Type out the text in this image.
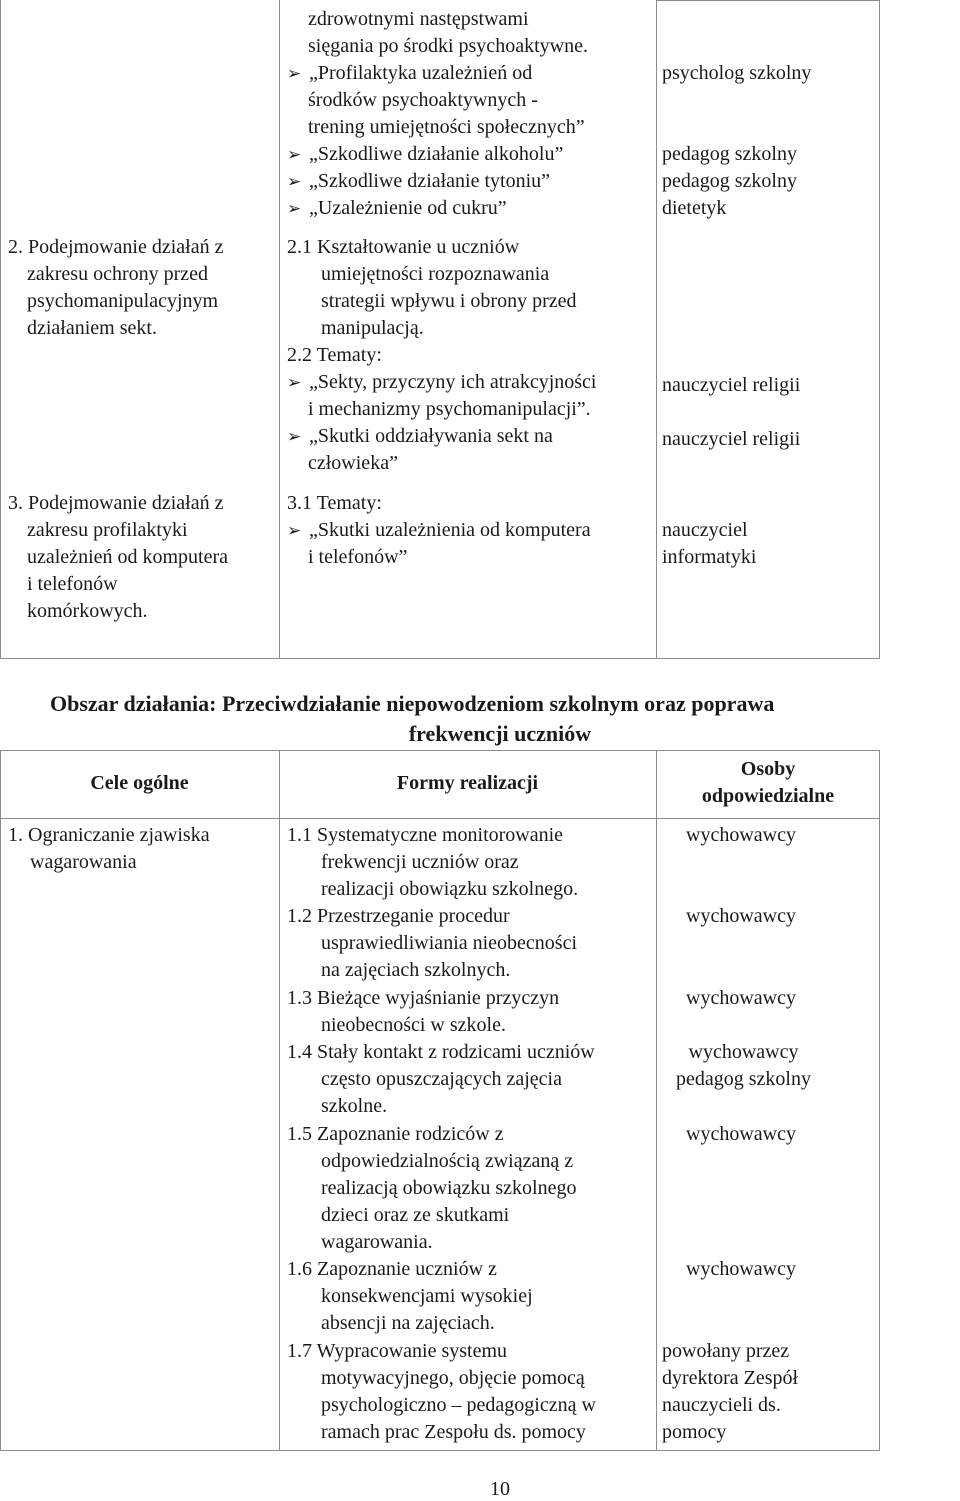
2. Podejmowanie działań z
zakresu ochrony przed
psychomanipulacyjnym
działaniem sekt.
3. Podejmowanie działań z
zakresu profilaktyki
uzależnień od komputera
i telefonów
komórkowych.
zdrowotnymi następstwami
sięgania po środki psychoaktywne.
➢ „Profilaktyka uzależnień od
środków psychoaktywnych -
trening umiejętności społecznych”
➢ „Szkodliwe działanie alkoholu”
➢ „Szkodliwe działanie tytoniu”
➢ „Uzależnienie od cukru”
2.1 Kształtowanie u uczniów
umiejętności rozpoznawania
strategii wpływu i obrony przed
manipulacją.
2.2 Tematy:
➢ „Sekty, przyczyny ich atrakcyjności
i mechanizmy psychomanipulacji”.
➢ „Skutki oddziaływania sekt na
człowieka”
3.1 Tematy:
➢ „Skutki uzależnienia od komputera
i telefonów”
psycholog szkolny
pedagog szkolny
pedagog szkolny
dietetyk
nauczyciel religii
nauczyciel religii
nauczyciel
informatyki
Obszar działania: Przeciwdziałanie niepowodzeniom szkolnym oraz poprawa
frekwencji uczniów
Cele ogólne	Formy realizacji
Osoby
odpowiedzialne
1. Ograniczanie zjawiska
wagarowania
1.1 Systematyczne monitorowanie
frekwencji uczniów oraz
realizacji obowiązku szkolnego.
1.2 Przestrzeganie procedur
usprawiedliwiania nieobecności
na zajęciach szkolnych.
1.3 Bieżące wyjaśnianie przyczyn
nieobecności w szkole.
1.4 Stały kontakt z rodzicami uczniów
często opuszczających zajęcia
szkolne.
1.5 Zapoznanie rodziców z
odpowiedzialnością związaną z
realizacją obowiązku szkolnego
dzieci oraz ze skutkami
wagarowania.
1.6 Zapoznanie uczniów z
konsekwencjami wysokiej
absencji na zajęciach.
1.7 Wypracowanie systemu
motywacyjnego, objęcie pomocą
psychologiczno – pedagogiczną w
ramach prac Zespołu ds. pomocy
wychowawcy
wychowawcy
wychowawcy
wychowawcy
pedagog szkolny
wychowawcy
wychowawcy
powołany przez
dyrektora Zespół
nauczycieli ds.
pomocy
10
